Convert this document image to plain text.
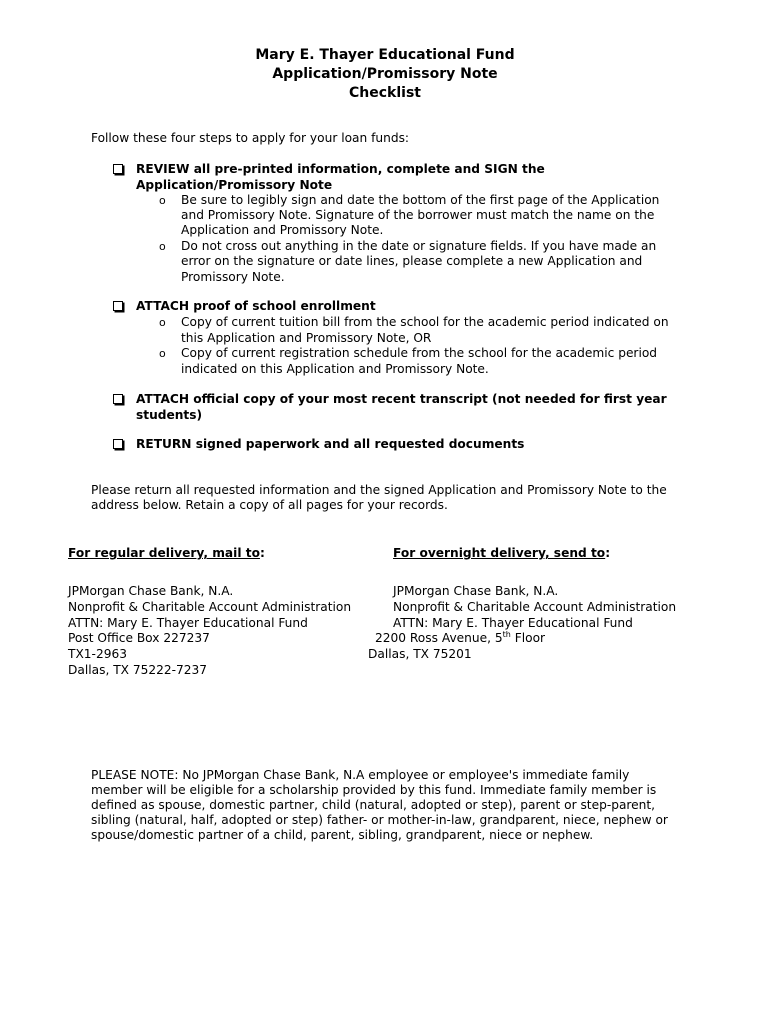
Mary E. Thayer Educational Fund
Application/Promissory Note
Checklist
Follow these four steps to apply for your loan funds:
REVIEW all pre-printed information, complete and SIGN the
Application/Promissory Note
o Be sure to legibly sign and date the bottom of the first page of the Application
and Promissory Note. Signature of the borrower must match the name on the
Application and Promissory Note.
o Do not cross out anything in the date or signature fields. If you have made an
error on the signature or date lines, please complete a new Application and
Promissory Note.
ATTACH proof of school enrollment
o Copy of current tuition bill from the school for the academic period indicated on
this Application and Promissory Note, OR
o Copy of current registration schedule from the school for the academic period
indicated on this Application and Promissory Note.
ATTACH official copy of your most recent transcript (not needed for first year
students)
RETURN signed paperwork and all requested documents
Please return all requested information and the signed Application and Promissory Note to the
address below. Retain a copy of all pages for your records.
For regular delivery, mail to:
JPMorgan Chase Bank, N.A.
Nonprofit & Charitable Account Administration
ATTN: Mary E. Thayer Educational Fund
Post Office Box 227237
TX1-2963
Dallas, TX 75222-7237
For overnight delivery, send to:
JPMorgan Chase Bank, N.A.
Nonprofit & Charitable Account Administration
ATTN: Mary E. Thayer Educational Fund
2200 Ross Avenue, 5th Floor
Dallas, TX 75201
PLEASE NOTE: No JPMorgan Chase Bank, N.A employee or employee's immediate family
member will be eligible for a scholarship provided by this fund. Immediate family member is
defined as spouse, domestic partner, child (natural, adopted or step), parent or step-parent,
sibling (natural, half, adopted or step) father- or mother-in-law, grandparent, niece, nephew or
spouse/domestic partner of a child, parent, sibling, grandparent, niece or nephew.
